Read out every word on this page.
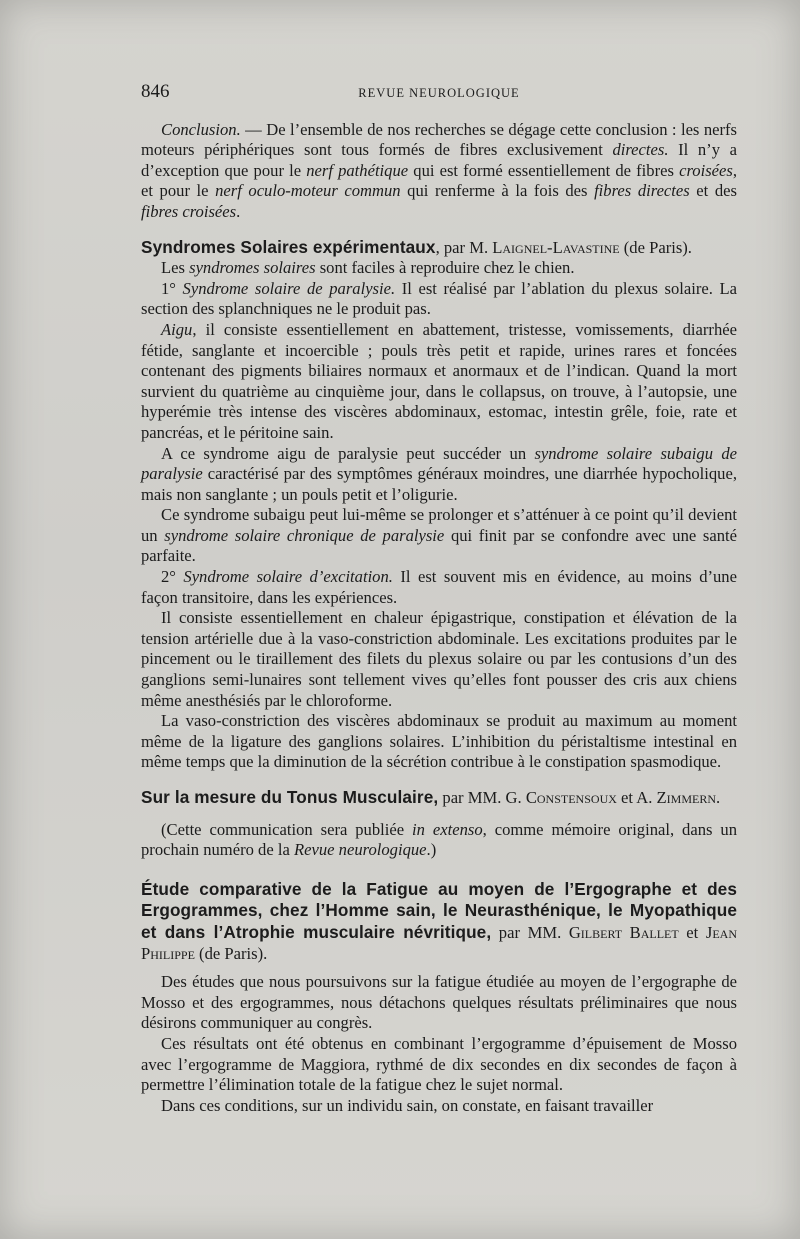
846	REVUE NEUROLOGIQUE

Conclusion. — De l’ensemble de nos recherches se dégage cette conclusion : les nerfs moteurs périphériques sont tous formés de fibres exclusivement directes. Il n’y a d’exception que pour le nerf pathétique qui est formé essentiellement de fibres croisées, et pour le nerf oculo-moteur commun qui renferme à la fois des fibres directes et des fibres croisées.

Syndromes Solaires expérimentaux, par M. Laignel-Lavastine (de Paris).

Les syndromes solaires sont faciles à reproduire chez le chien.

1° Syndrome solaire de paralysie. Il est réalisé par l’ablation du plexus solaire. La section des splanchniques ne le produit pas.

Aigu, il consiste essentiellement en abattement, tristesse, vomissements, diarrhée fétide, sanglante et incoercible ; pouls très petit et rapide, urines rares et foncées contenant des pigments biliaires normaux et anormaux et de l’indican. Quand la mort survient du quatrième au cinquième jour, dans le collapsus, on trouve, à l’autopsie, une hyperémie très intense des viscères abdominaux, estomac, intestin grêle, foie, rate et pancréas, et le péritoine sain.

A ce syndrome aigu de paralysie peut succéder un syndrome solaire subaigu de paralysie caractérisé par des symptômes généraux moindres, une diarrhée hypocholique, mais non sanglante ; un pouls petit et l’oligurie.

Ce syndrome subaigu peut lui-même se prolonger et s’atténuer à ce point qu’il devient un syndrome solaire chronique de paralysie qui finit par se confondre avec une santé parfaite.

2° Syndrome solaire d’excitation. Il est souvent mis en évidence, au moins d’une façon transitoire, dans les expériences.

Il consiste essentiellement en chaleur épigastrique, constipation et élévation de la tension artérielle due à la vaso-constriction abdominale. Les excitations produites par le pincement ou le tiraillement des filets du plexus solaire ou par les contusions d’un des ganglions semi-lunaires sont tellement vives qu’elles font pousser des cris aux chiens même anesthésiés par le chloroforme.

La vaso-constriction des viscères abdominaux se produit au maximum au moment même de la ligature des ganglions solaires. L’inhibition du péristaltisme intestinal en même temps que la diminution de la sécrétion contribue à le constipation spasmodique.

Sur la mesure du Tonus Musculaire, par MM. G. Constensoux et A. Zimmern.

(Cette communication sera publiée in extenso, comme mémoire original, dans un prochain numéro de la Revue neurologique.)

Étude comparative de la Fatigue au moyen de l’Ergographe et des Ergogrammes, chez l’Homme sain, le Neurasthénique, le Myopathique et dans l’Atrophie musculaire névritique, par MM. Gilbert Ballet et Jean Philippe (de Paris).

Des études que nous poursuivons sur la fatigue étudiée au moyen de l’ergographe de Mosso et des ergogrammes, nous détachons quelques résultats préliminaires que nous désirons communiquer au congrès.

Ces résultats ont été obtenus en combinant l’ergogramme d’épuisement de Mosso avec l’ergogramme de Maggiora, rythmé de dix secondes en dix secondes de façon à permettre l’élimination totale de la fatigue chez le sujet normal.

Dans ces conditions, sur un individu sain, on constate, en faisant travailler
